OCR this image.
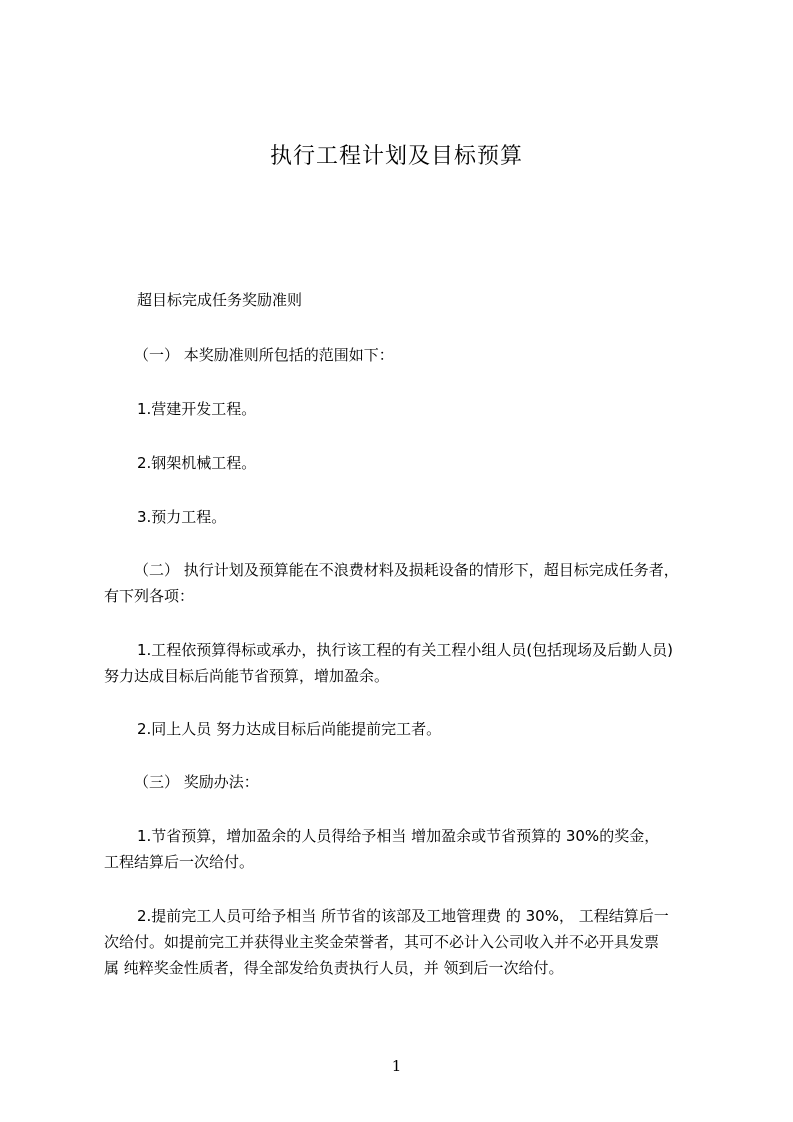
执行工程计划及目标预算
超目标完成任务奖励准则
（一） 本奖励准则所包括的范围如下：
1.营建开发工程。
2.钢架机械工程。
3.预力工程。
（二） 执行计划及预算能在不浪费材料及损耗设备的情形下，超目标完成任务者，
有下列各项：
1.工程依预算得标或承办，执行该工程的有关工程小组人员(包括现场及后勤人员)
努力达成目标后尚能节省预算，增加盈余。
2.同上人员 努力达成目标后尚能提前完工者。
（三） 奖励办法：
1.节省预算，增加盈余的人员得给予相当 增加盈余或节省预算的 30%的奖金，
工程结算后一次给付。
2.提前完工人员可给予相当 所节省的该部及工地管理费 的 30%， 工程结算后一
次给付。如提前完工并获得业主奖金荣誉者，其可不必计入公司收入并不必开具发票
属 纯粹奖金性质者，得全部发给负责执行人员，并 领到后一次给付。
1
